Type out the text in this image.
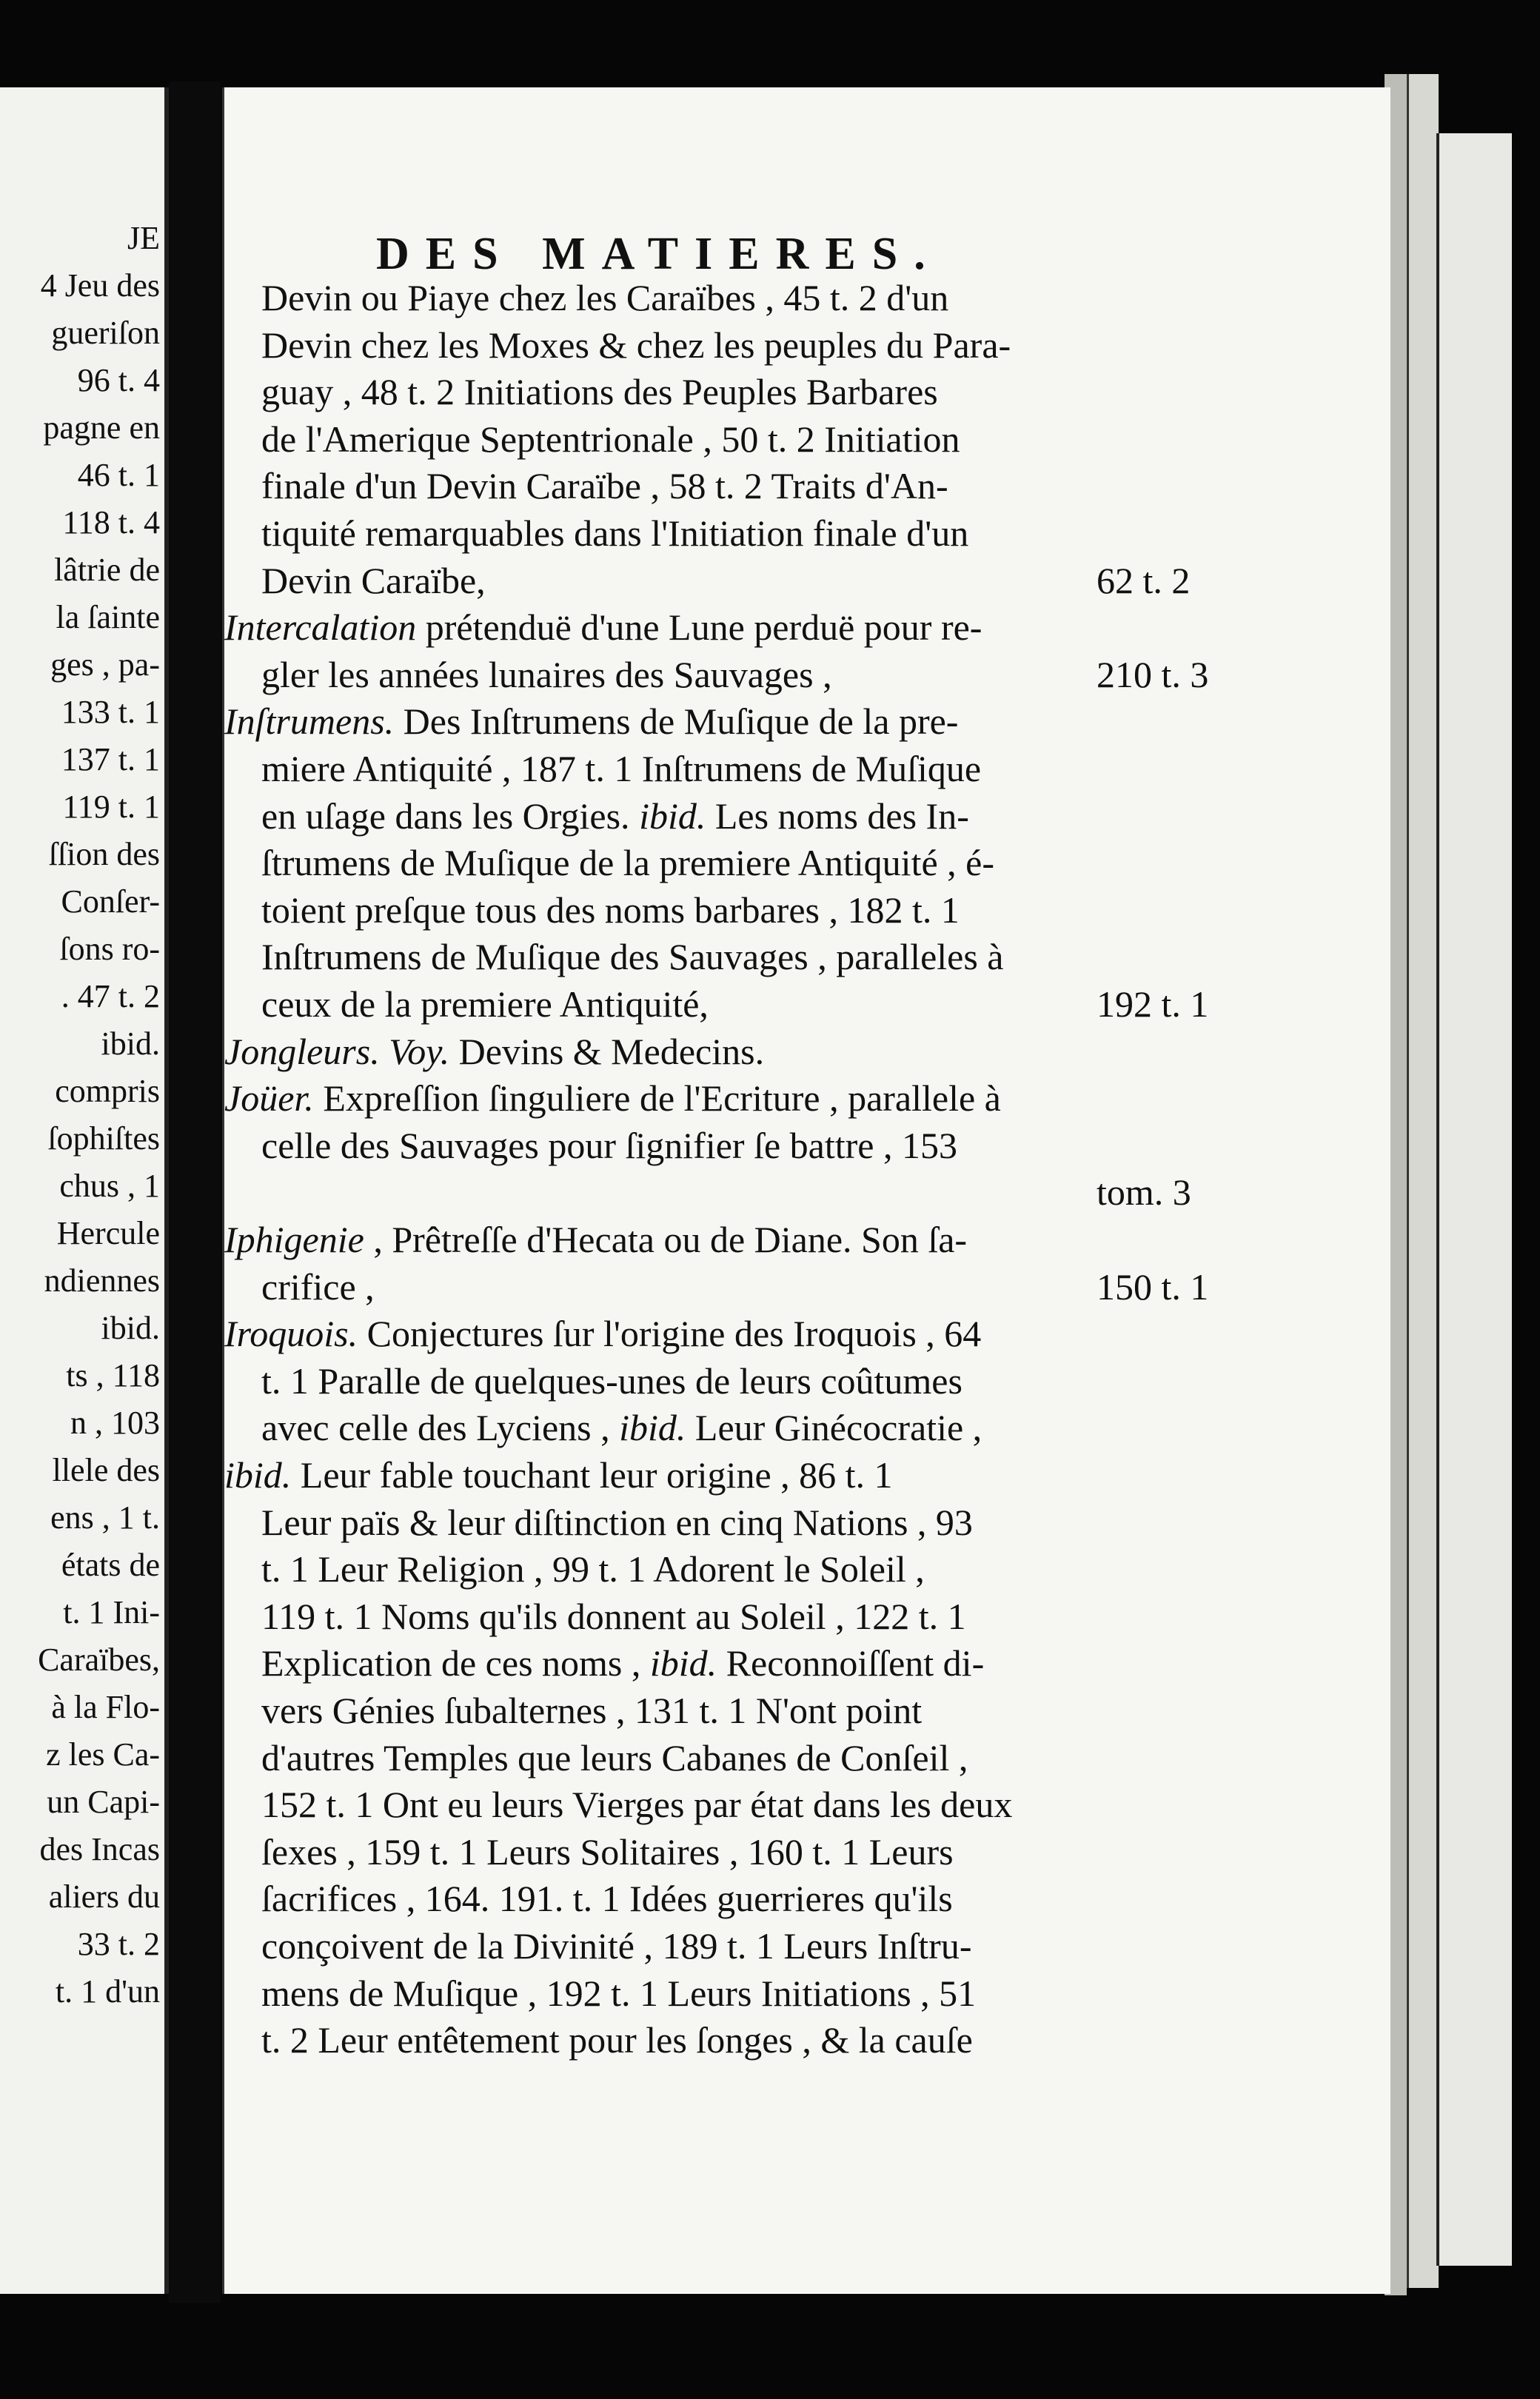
JE
4 Jeu des
gueriſon
96 t. 4
pagne en
46 t. 1
118 t. 4
lâtrie de
la ſainte
ges , pa-
133 t. 1
137 t. 1
119 t. 1
ſſion des
Conſer-
ſons ro-
. 47 t. 2
ibid.
compris
ſophiſtes
chus , 1
Hercule
ndiennes
ibid.
ts , 118
n , 103
llele des
ens , 1 t.
états de
t. 1 Ini-
Caraïbes,
à la Flo-
z les Ca-
un Capi-
des Incas
aliers du
33 t. 2
t. 1 d'un
DES MATIERES.
Devin ou Piaye chez les Caraïbes , 45 t. 2 d'un
Devin chez les Moxes & chez les peuples du Para-
guay , 48 t. 2 Initiations des Peuples Barbares
de l'Amerique Septentrionale , 50 t. 2 Initiation
finale d'un Devin Caraïbe , 58 t. 2 Traits d'An-
tiquité remarquables dans l'Initiation finale d'un
Devin Caraïbe,	62 t. 2
Intercalation prétenduë d'une Lune perduë pour re-
gler les années lunaires des Sauvages ,	210 t. 3
Inſtrumens. Des Inſtrumens de Muſique de la pre-
miere Antiquité , 187 t. 1 Inſtrumens de Muſique
en uſage dans les Orgies. ibid. Les noms des In-
ſtrumens de Muſique de la premiere Antiquité , é-
toient preſque tous des noms barbares , 182 t. 1
Inſtrumens de Muſique des Sauvages , paralleles à
ceux de la premiere Antiquité,	192 t. 1
Jongleurs. Voy. Devins & Medecins.
Joüer. Expreſſion ſinguliere de l'Ecriture , parallele à
celle des Sauvages pour ſignifier ſe battre , 153
tom. 3
Iphigenie , Prêtreſſe d'Hecata ou de Diane. Son ſa-
crifice ,	150 t. 1
Iroquois. Conjectures ſur l'origine des Iroquois , 64
t. 1 Paralle de quelques-unes de leurs coûtumes
avec celle des Lyciens , ibid. Leur Ginécocratie ,
ibid. Leur fable touchant leur origine , 86 t. 1
Leur païs & leur diſtinction en cinq Nations , 93
t. 1 Leur Religion , 99 t. 1 Adorent le Soleil ,
119 t. 1 Noms qu'ils donnent au Soleil , 122 t. 1
Explication de ces noms , ibid. Reconnoiſſent di-
vers Génies ſubalternes , 131 t. 1 N'ont point
d'autres Temples que leurs Cabanes de Conſeil ,
152 t. 1 Ont eu leurs Vierges par état dans les deux
ſexes , 159 t. 1 Leurs Solitaires , 160 t. 1 Leurs
ſacrifices , 164. 191. t. 1 Idées guerrieres qu'ils
conçoivent de la Divinité , 189 t. 1 Leurs Inſtru-
mens de Muſique , 192 t. 1 Leurs Initiations , 51
t. 2 Leur entêtement pour les ſonges , & la cauſe
